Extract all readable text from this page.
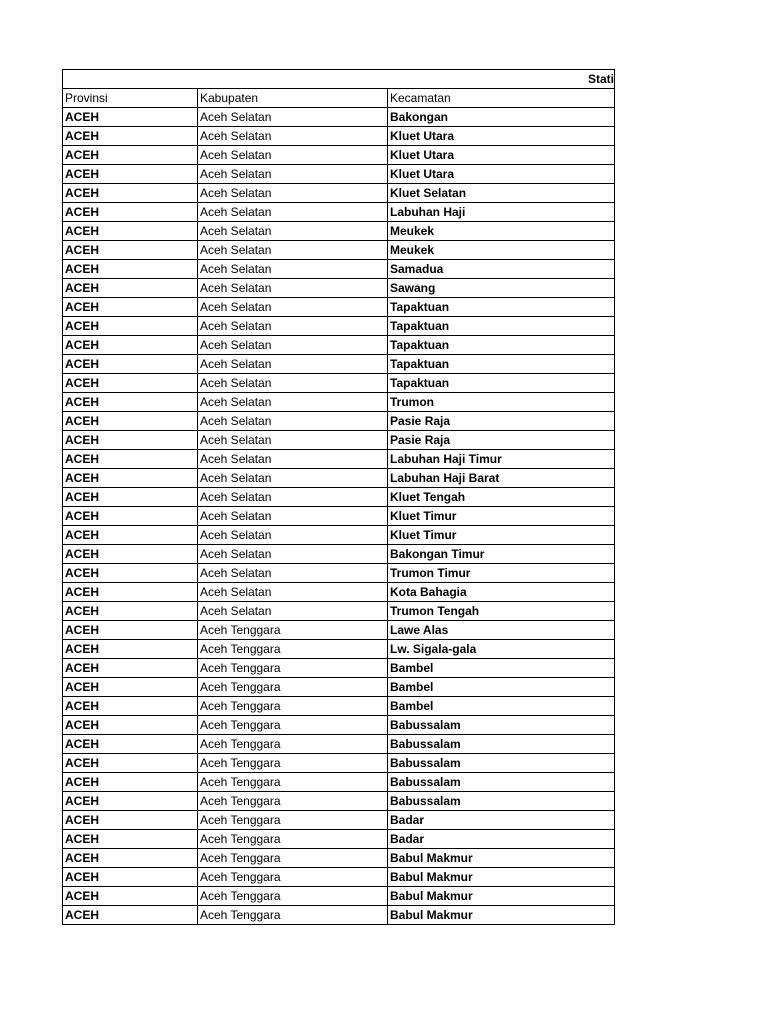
Stati		
Provinsi	Kabupaten	Kecamatan
ACEH	Aceh Selatan	Bakongan
ACEH	Aceh Selatan	Kluet Utara
ACEH	Aceh Selatan	Kluet Utara
ACEH	Aceh Selatan	Kluet Utara
ACEH	Aceh Selatan	Kluet Selatan
ACEH	Aceh Selatan	Labuhan Haji
ACEH	Aceh Selatan	Meukek
ACEH	Aceh Selatan	Meukek
ACEH	Aceh Selatan	Samadua
ACEH	Aceh Selatan	Sawang
ACEH	Aceh Selatan	Tapaktuan
ACEH	Aceh Selatan	Tapaktuan
ACEH	Aceh Selatan	Tapaktuan
ACEH	Aceh Selatan	Tapaktuan
ACEH	Aceh Selatan	Tapaktuan
ACEH	Aceh Selatan	Trumon
ACEH	Aceh Selatan	Pasie Raja
ACEH	Aceh Selatan	Pasie Raja
ACEH	Aceh Selatan	Labuhan Haji Timur
ACEH	Aceh Selatan	Labuhan Haji Barat
ACEH	Aceh Selatan	Kluet Tengah
ACEH	Aceh Selatan	Kluet Timur
ACEH	Aceh Selatan	Kluet Timur
ACEH	Aceh Selatan	Bakongan Timur
ACEH	Aceh Selatan	Trumon Timur
ACEH	Aceh Selatan	Kota Bahagia
ACEH	Aceh Selatan	Trumon Tengah
ACEH	Aceh Tenggara	Lawe Alas
ACEH	Aceh Tenggara	Lw. Sigala-gala
ACEH	Aceh Tenggara	Bambel
ACEH	Aceh Tenggara	Bambel
ACEH	Aceh Tenggara	Bambel
ACEH	Aceh Tenggara	Babussalam
ACEH	Aceh Tenggara	Babussalam
ACEH	Aceh Tenggara	Babussalam
ACEH	Aceh Tenggara	Babussalam
ACEH	Aceh Tenggara	Babussalam
ACEH	Aceh Tenggara	Badar
ACEH	Aceh Tenggara	Badar
ACEH	Aceh Tenggara	Babul Makmur
ACEH	Aceh Tenggara	Babul Makmur
ACEH	Aceh Tenggara	Babul Makmur
ACEH	Aceh Tenggara	Babul Makmur
